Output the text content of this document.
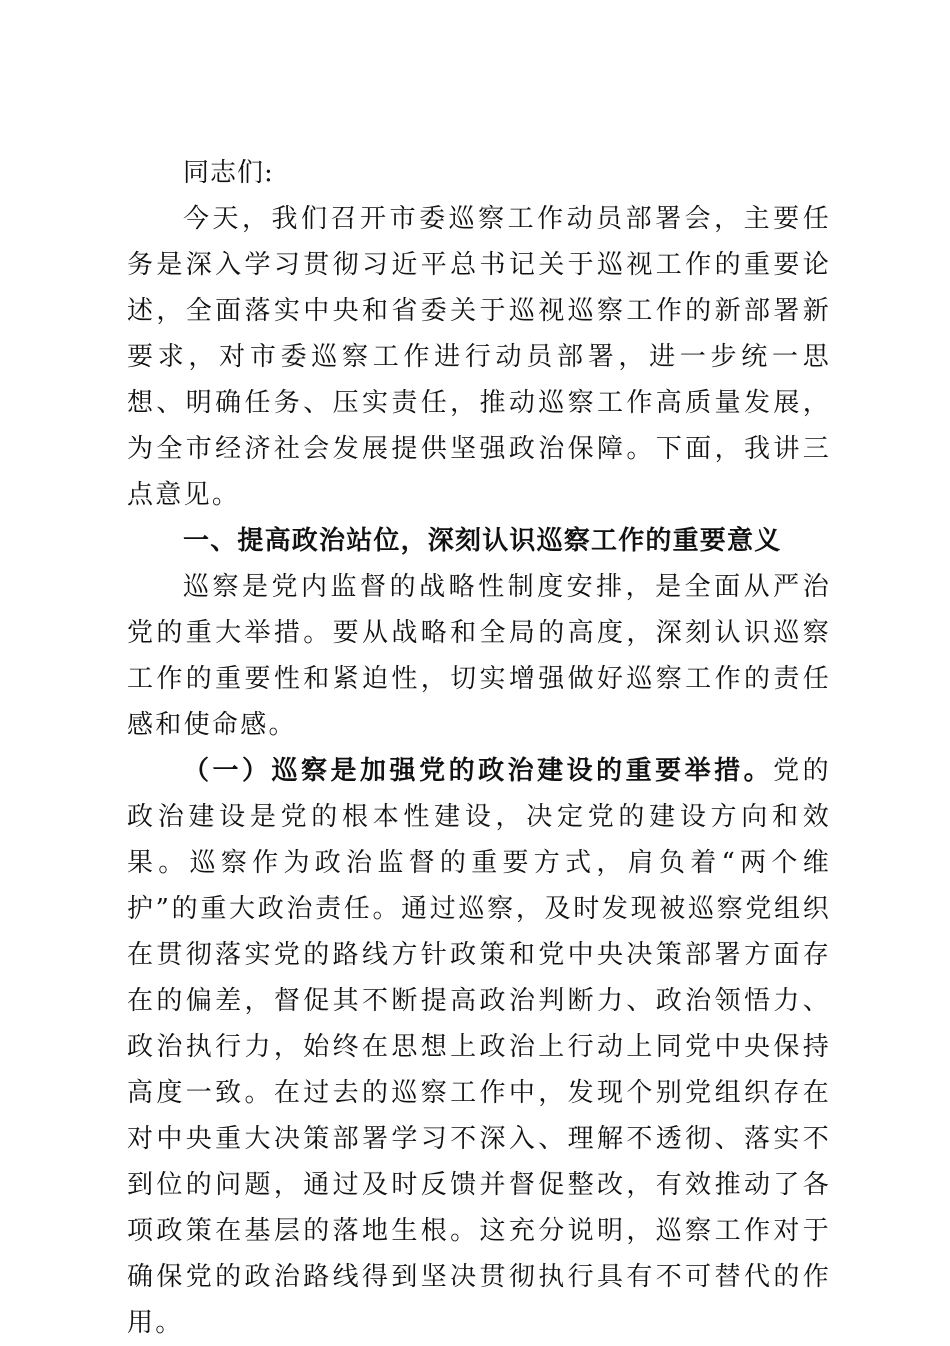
同志们:

今天，我们召开市委巡察工作动员部署会，主要任务是深入学习贯彻习近平总书记关于巡视工作的重要论述，全面落实中央和省委关于巡视巡察工作的新部署新要求，对市委巡察工作进行动员部署，进一步统一思想、明确任务、压实责任，推动巡察工作高质量发展，为全市经济社会发展提供坚强政治保障。下面，我讲三点意见。

一、提高政治站位，深刻认识巡察工作的重要意义

巡察是党内监督的战略性制度安排，是全面从严治党的重大举措。要从战略和全局的高度，深刻认识巡察工作的重要性和紧迫性，切实增强做好巡察工作的责任感和使命感。

（一）巡察是加强党的政治建设的重要举措。党的政治建设是党的根本性建设，决定党的建设方向和效果。巡察作为政治监督的重要方式，肩负着“两个维护”的重大政治责任。通过巡察，及时发现被巡察党组织在贯彻落实党的路线方针政策和党中央决策部署方面存在的偏差，督促其不断提高政治判断力、政治领悟力、政治执行力，始终在思想上政治上行动上同党中央保持高度一致。在过去的巡察工作中，发现个别党组织存在对中央重大决策部署学习不深入、理解不透彻、落实不到位的问题，通过及时反馈并督促整改，有效推动了各项政策在基层的落地生根。这充分说明，巡察工作对于确保党的政治路线得到坚决贯彻执行具有不可替代的作用。
